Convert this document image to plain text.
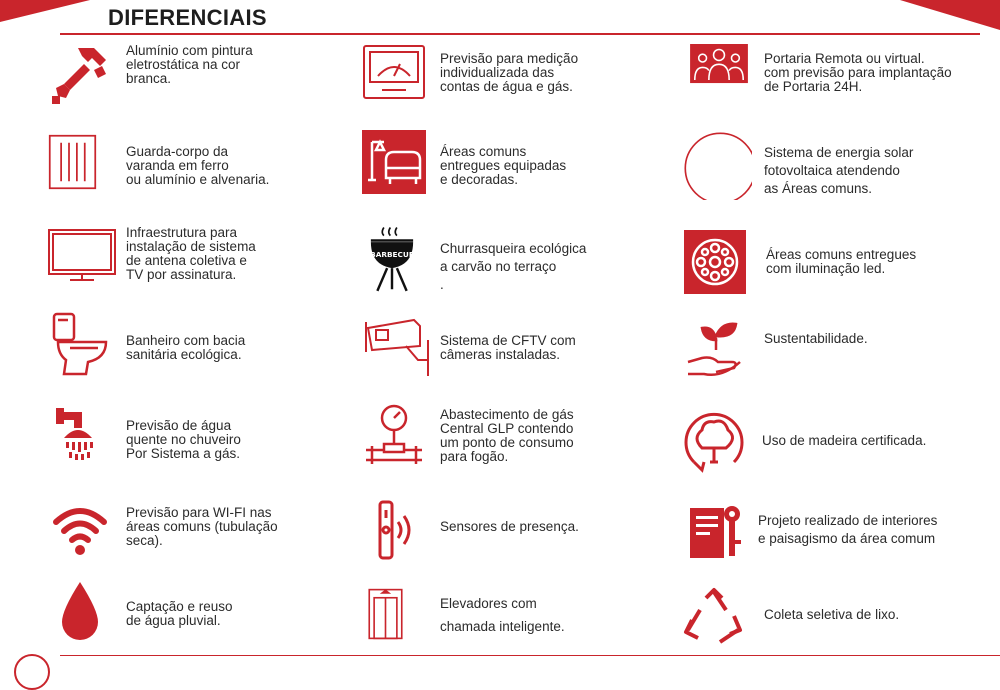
DIFERENCIAIS
Alumínio com pintura
eletrostática na cor
branca.
Guarda-corpo da
varanda em ferro
ou alumínio e alvenaria.
Infraestrutura para
instalação de sistema
de antena coletiva e
TV por assinatura.
Banheiro com bacia
sanitária ecológica.
Previsão de água
quente no chuveiro
Por Sistema a gás.
Previsão para WI-FI nas
áreas comuns (tubulação
seca).
Captação e reuso
de água pluvial.
Previsão para medição
individualizada das
contas de água e gás.
Áreas comuns
entregues equipadas
e decoradas.
BARBECUE Churrasqueira ecológica
a carvão no terraço
.
Sistema de CFTV com
câmeras instaladas.
Abastecimento de gás
Central GLP contendo
um ponto de consumo
para fogão.
Sensores de presença.
Elevadores com
chamada inteligente.
Portaria Remota ou virtual.
com previsão para implantação
de Portaria 24H.
Sistema de energia solar
fotovoltaica atendendo
as Áreas comuns.
Áreas comuns entregues
com iluminação led.
Sustentabilidade.
Uso de madeira certificada.
Projeto realizado de interiores
e paisagismo da área comum
Coleta seletiva de lixo.
